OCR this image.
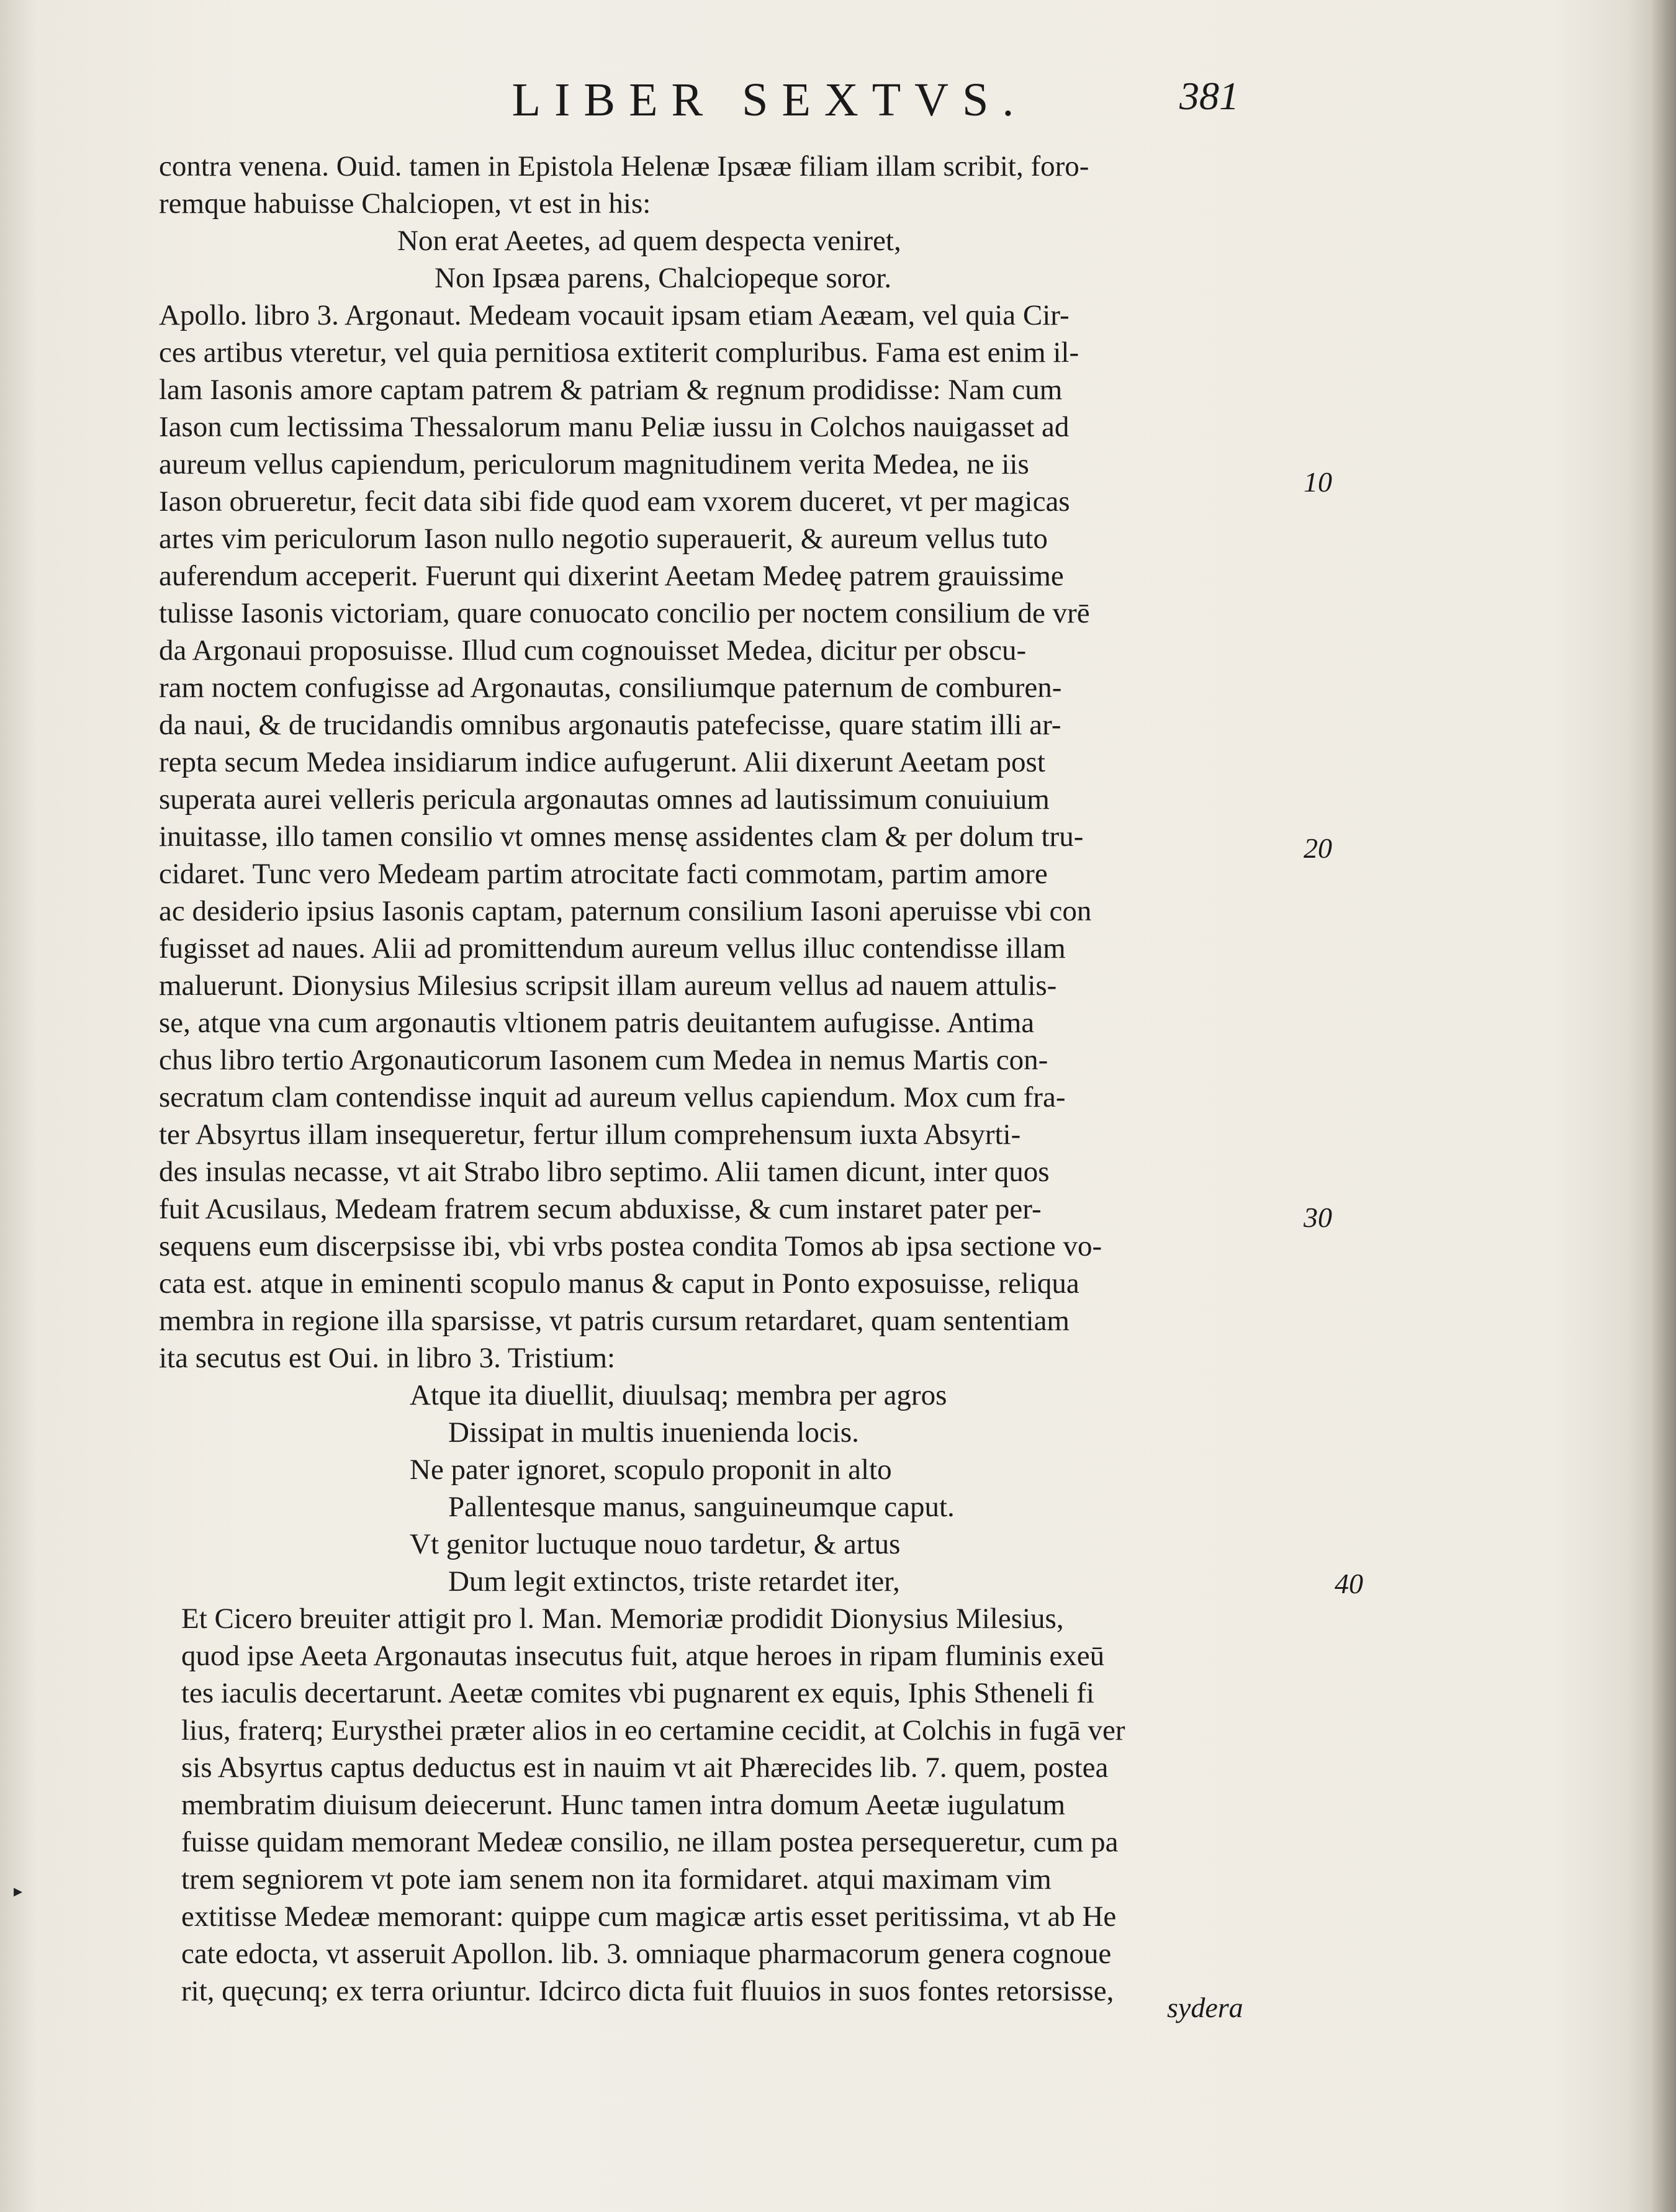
LIBER SEXTVS.	381
contra venena. Ouid. tamen in Epistola Helenæ Ipsææ filiam illam scribit, foro-
remque habuisse Chalciopen, vt est in his:
Non erat Aeetes, ad quem despecta veniret,
Non Ipsæa parens, Chalciopeque soror.
Apollo. libro 3. Argonaut. Medeam vocauit ipsam etiam Aeæam, vel quia Cir-
ces artibus vteretur, vel quia pernitiosa extiterit compluribus. Fama est enim il-
lam Iasonis amore captam patrem & patriam & regnum prodidisse: Nam cum
Iason cum lectissima Thessalorum manu Peliæ iussu in Colchos nauigasset ad
aureum vellus capiendum, periculorum magnitudinem verita Medea, ne iis
Iason obrueretur, fecit data sibi fide quod eam vxorem duceret, vt per magicas
artes vim periculorum Iason nullo negotio superauerit, & aureum vellus tuto
auferendum acceperit. Fuerunt qui dixerint Aeetam Medeę patrem grauissime
tulisse Iasonis victoriam, quare conuocato concilio per noctem consilium de vrē
da Argonaui proposuisse. Illud cum cognouisset Medea, dicitur per obscu-
ram noctem confugisse ad Argonautas, consiliumque paternum de comburen-
da naui, & de trucidandis omnibus argonautis patefecisse, quare statim illi ar-
repta secum Medea insidiarum indice aufugerunt. Alii dixerunt Aeetam post
superata aurei velleris pericula argonautas omnes ad lautissimum conuiuium
inuitasse, illo tamen consilio vt omnes mensę assidentes clam & per dolum tru-
cidaret. Tunc vero Medeam partim atrocitate facti commotam, partim amore
ac desiderio ipsius Iasonis captam, paternum consilium Iasoni aperuisse vbi con
fugisset ad naues. Alii ad promittendum aureum vellus illuc contendisse illam
maluerunt. Dionysius Milesius scripsit illam aureum vellus ad nauem attulis-
se, atque vna cum argonautis vltionem patris deuitantem aufugisse. Antima
chus libro tertio Argonauticorum Iasonem cum Medea in nemus Martis con-
secratum clam contendisse inquit ad aureum vellus capiendum. Mox cum fra-
ter Absyrtus illam insequeretur, fertur illum comprehensum iuxta Absyrti-
des insulas necasse, vt ait Strabo libro septimo. Alii tamen dicunt, inter quos
fuit Acusilaus, Medeam fratrem secum abduxisse, & cum instaret pater per-
sequens eum discerpsisse ibi, vbi vrbs postea condita Tomos ab ipsa sectione vo-
cata est. atque in eminenti scopulo manus & caput in Ponto exposuisse, reliqua
membra in regione illa sparsisse, vt patris cursum retardaret, quam sententiam
ita secutus est Oui. in libro 3. Tristium:
Atque ita diuellit, diuulsaq; membra per agros
Dissipat in multis inuenienda locis.
Ne pater ignoret, scopulo proponit in alto
Pallentesque manus, sanguineumque caput.
Vt genitor luctuque nouo tardetur, & artus
Dum legit extinctos, triste retardet iter,
Et Cicero breuiter attigit pro l. Man. Memoriæ prodidit Dionysius Milesius,
quod ipse Aeeta Argonautas insecutus fuit, atque heroes in ripam fluminis exeū
tes iaculis decertarunt. Aeetæ comites vbi pugnarent ex equis, Iphis Stheneli fi
lius, fraterq; Eurysthei præter alios in eo certamine cecidit, at Colchis in fugā ver
sis Absyrtus captus deductus est in nauim vt ait Phærecides lib. 7. quem, postea
membratim diuisum deiecerunt. Hunc tamen intra domum Aeetæ iugulatum
fuisse quidam memorant Medeæ consilio, ne illam postea persequeretur, cum pa
trem segniorem vt pote iam senem non ita formidaret. atqui maximam vim
extitisse Medeæ memorant: quippe cum magicæ artis esset peritissima, vt ab He
cate edocta, vt asseruit Apollon. lib. 3. omniaque pharmacorum genera cognoue
rit, quęcunq; ex terra oriuntur. Idcirco dicta fuit fluuios in suos fontes retorsisse,
10
20
30
40
sydera
▸
